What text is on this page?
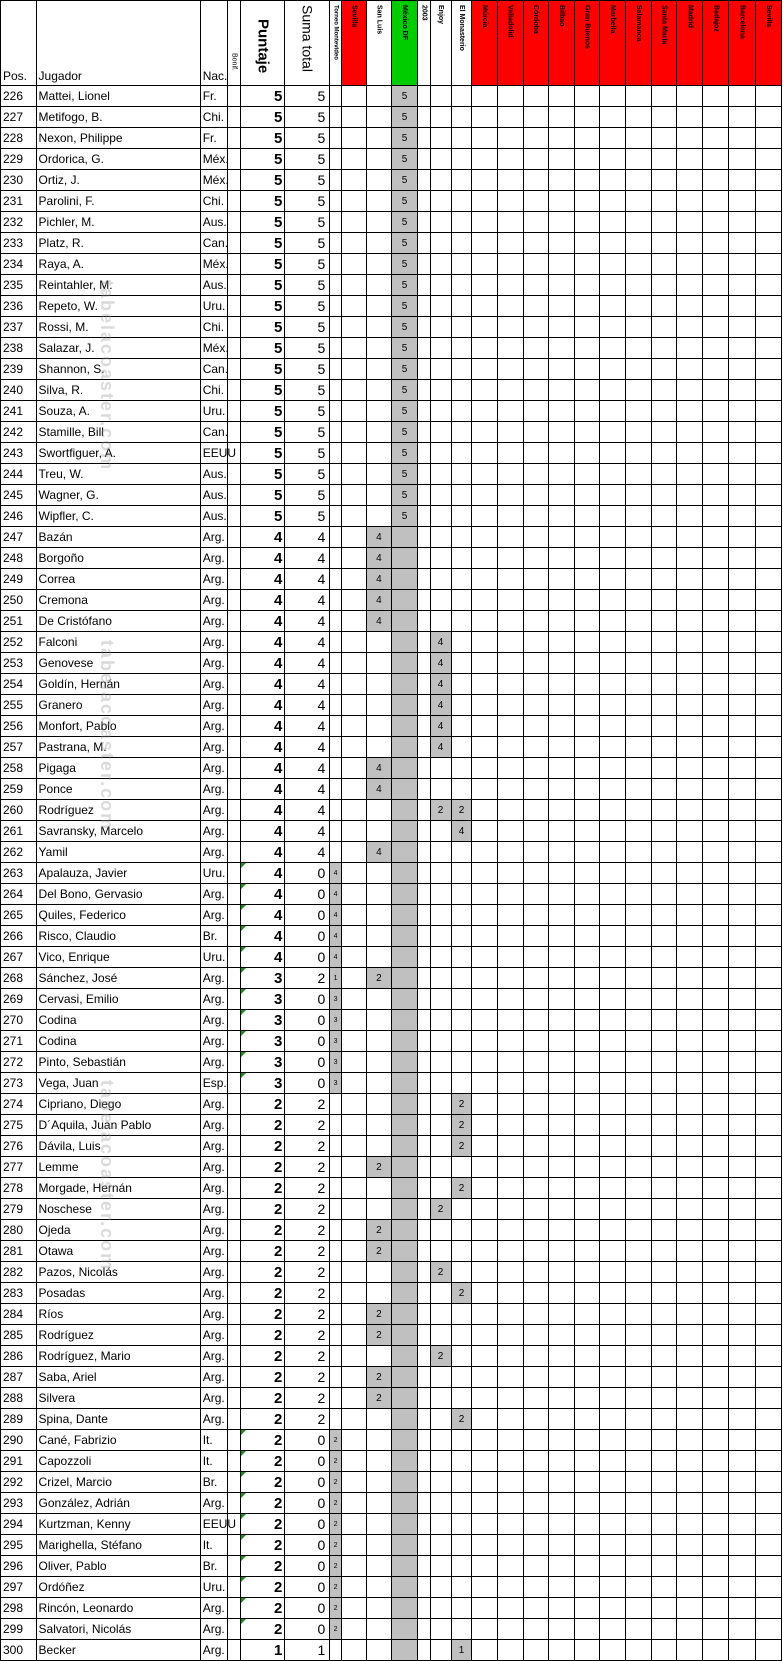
Pos.	Jugador	Nac.	Bonif.	Puntaje	Suma total	Torneo Montevideo	Sevilla	San Luis	México DF	2003	Enjoy	El Monasterio	Múrcia	Valladolid	Córdoba	Bilbao	Gran Buenos	Marbella	Salamanca	Santa María	Madrid	Badajoz	Barcelona	Sevilla

226	Mattei, Lionel	Fr.		5	5				5															
227	Metifogo, B.	Chi.		5	5				5															
228	Nexon, Philippe	Fr.		5	5				5															
229	Ordorica, G.	Méx.		5	5				5															
230	Ortiz, J.	Méx.		5	5				5															
231	Parolini, F.	Chi.		5	5				5															
232	Pichler, M.	Aus.		5	5				5															
233	Platz, R.	Can.		5	5				5															
234	Raya, A.	Méx.		5	5				5															
235	Reintahler, M.	Aus.		5	5				5															
236	Repeto, W.	Uru.		5	5				5															
237	Rossi, M.	Chi.		5	5				5															
238	Salazar, J.	Méx.		5	5				5															
239	Shannon, S.	Can.		5	5				5															
240	Silva, R.	Chi.		5	5				5															
241	Souza, A.	Uru.		5	5				5															
242	Stamille, Bill	Can.		5	5				5															
243	Swortfiguer, A.	EEUU		5	5				5															
244	Treu, W.	Aus.		5	5				5															
245	Wagner, G.	Aus.		5	5				5															
246	Wipfler, C.	Aus.		5	5				5															
247	Bazán	Arg.		4	4			4																
248	Borgoño	Arg.		4	4			4																
249	Correa	Arg.		4	4			4																
250	Cremona	Arg.		4	4			4																
251	De Cristófano	Arg.		4	4			4																
252	Falconi	Arg.		4	4						4													
253	Genovese	Arg.		4	4						4													
254	Goldín, Hernán	Arg.		4	4						4													
255	Granero	Arg.		4	4						4													
256	Monfort, Pablo	Arg.		4	4						4													
257	Pastrana, M.	Arg.		4	4						4													
258	Pigaga	Arg.		4	4			4																
259	Ponce	Arg.		4	4			4																
260	Rodríguez	Arg.		4	4						2	2												
261	Savransky, Marcelo	Arg.		4	4							4												
262	Yamil	Arg.		4	4			4																
263	Apalauza, Javier	Uru.		4	0	4																		
264	Del Bono, Gervasio	Arg.		4	0	4																		
265	Quiles, Federico	Arg.		4	0	4																		
266	Risco, Claudio	Br.		4	0	4																		
267	Vico, Enrique	Uru.		4	0	4																		
268	Sánchez, José	Arg.		3	2	1		2																
269	Cervasi, Emilio	Arg.		3	0	3																		
270	Codina	Arg.		3	0	3																		
271	Codina	Arg.		3	0	3																		
272	Pinto, Sebastián	Arg.		3	0	3																		
273	Vega, Juan	Esp.		3	0	3																		
274	Cipriano, Diego	Arg.		2	2							2												
275	D´Aquila, Juan Pablo	Arg.		2	2							2												
276	Dávila, Luis	Arg.		2	2							2												
277	Lemme	Arg.		2	2			2																
278	Morgade, Hernán	Arg.		2	2							2												
279	Noschese	Arg.		2	2						2													
280	Ojeda	Arg.		2	2			2																
281	Otawa	Arg.		2	2			2																
282	Pazos, Nicolás	Arg.		2	2						2													
283	Posadas	Arg.		2	2							2												
284	Ríos	Arg.		2	2			2																
285	Rodríguez	Arg.		2	2			2																
286	Rodríguez, Mario	Arg.		2	2						2													
287	Saba, Ariel	Arg.		2	2			2																
288	Silvera	Arg.		2	2			2																
289	Spina, Dante	Arg.		2	2							2												
290	Cané, Fabrizio	It.		2	0	2																		
291	Capozzoli	It.		2	0	2																		
292	Crizel, Marcio	Br.		2	0	2																		
293	González, Adrián	Arg.		2	0	2																		
294	Kurtzman, Kenny	EEUU		2	0	2																		
295	Marighella, Stéfano	It.		2	0	2																		
296	Oliver, Pablo	Br.		2	0	2																		
297	Ordóñez	Uru.		2	0	2																		
298	Rincón, Leonardo	Arg.		2	0	2																		
299	Salvatori, Nicolás	Arg.		2	0	2																		
300	Becker	Arg.		1	1							1												
tabelacoaster.com
tabelacoaster.com
tabelacoaster.com
